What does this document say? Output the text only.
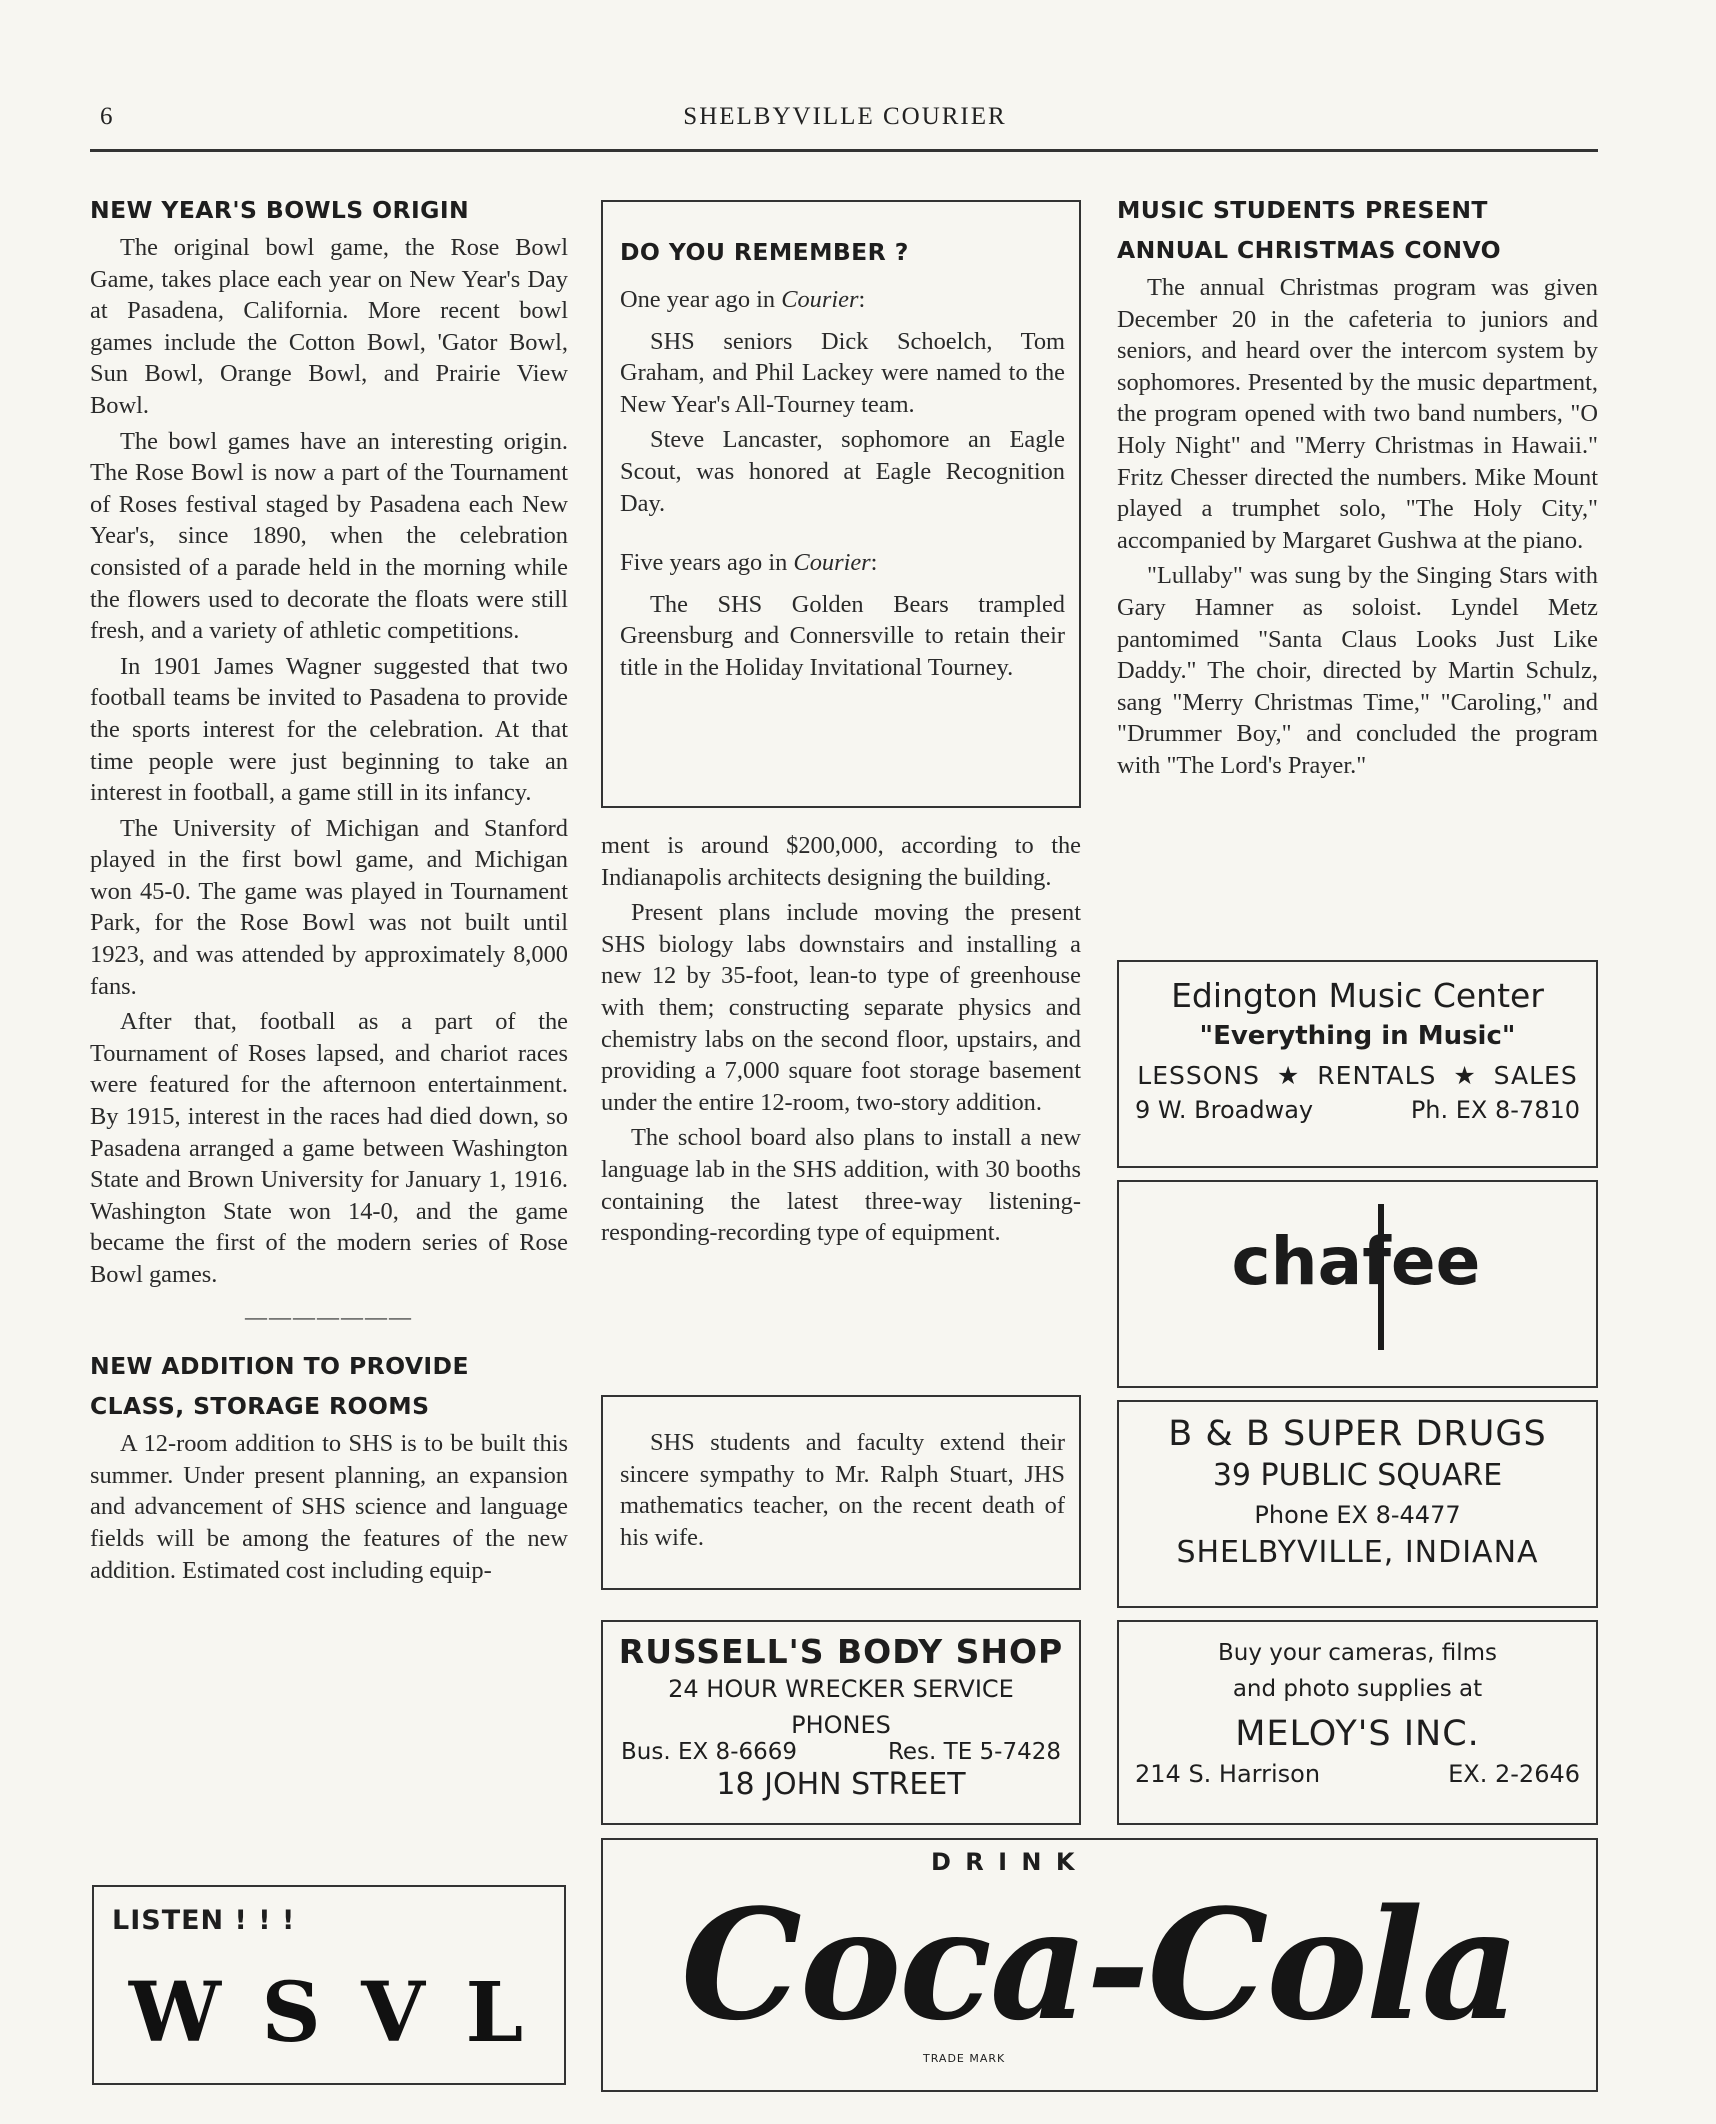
6	SHELBYVILLE COURIER
NEW YEAR'S BOWLS ORIGIN

The original bowl game, the Rose Bowl Game, takes place each year on New Year's Day at Pasadena, California. More recent bowl games include the Cotton Bowl, 'Gator Bowl, Sun Bowl, Orange Bowl, and Prairie View Bowl.

The bowl games have an interesting origin. The Rose Bowl is now a part of the Tournament of Roses festival staged by Pasadena each New Year's, since 1890, when the celebration consisted of a parade held in the morning while the flowers used to decorate the floats were still fresh, and a variety of athletic competitions.

In 1901 James Wagner suggested that two football teams be invited to Pasadena to provide the sports interest for the celebration. At that time people were just beginning to take an interest in football, a game still in its infancy.

The University of Michigan and Stanford played in the first bowl game, and Michigan won 45-0. The game was played in Tournament Park, for the Rose Bowl was not built until 1923, and was attended by approximately 8,000 fans.

After that, football as a part of the Tournament of Roses lapsed, and chariot races were featured for the afternoon entertainment. By 1915, interest in the races had died down, so Pasadena arranged a game between Washington State and Brown University for January 1, 1916. Washington State won 14-0, and the game became the first of the modern series of Rose Bowl games.

———————
NEW ADDITION TO PROVIDE
CLASS, STORAGE ROOMS

A 12-room addition to SHS is to be built this summer. Under present planning, an expansion and advancement of SHS science and language fields will be among the features of the new addition. Estimated cost including equip-

LISTEN ! ! !
W S V L
DO YOU REMEMBER ?
One year ago in Courier:

SHS seniors Dick Schoelch, Tom Graham, and Phil Lackey were named to the New Year's All-Tourney team.

Steve Lancaster, sophomore an Eagle Scout, was honored at Eagle Recognition Day.

Five years ago in Courier:

The SHS Golden Bears trampled Greensburg and Connersville to retain their title in the Holiday Invitational Tourney.

ment is around $200,000, according to the Indianapolis architects designing the building.

Present plans include moving the present SHS biology labs downstairs and installing a new 12 by 35-foot, lean-to type of greenhouse with them; constructing separate physics and chemistry labs on the second floor, upstairs, and providing a 7,000 square foot storage basement under the entire 12-room, two-story addition.

The school board also plans to install a new language lab in the SHS addition, with 30 booths containing the latest three-way listening-responding-recording type of equipment.

SHS students and faculty extend their sincere sympathy to Mr. Ralph Stuart, JHS mathematics teacher, on the recent death of his wife.

RUSSELL'S BODY SHOP
24 HOUR WRECKER SERVICE
PHONES
Bus. EX 8-6669	Res. TE 5-7428
18 JOHN STREET
MUSIC STUDENTS PRESENT
ANNUAL CHRISTMAS CONVO

The annual Christmas program was given December 20 in the cafeteria to juniors and seniors, and heard over the intercom system by sophomores. Presented by the music department, the program opened with two band numbers, "O Holy Night" and "Merry Christmas in Hawaii." Fritz Chesser directed the numbers. Mike Mount played a trumphet solo, "The Holy City," accompanied by Margaret Gushwa at the piano.

"Lullaby" was sung by the Singing Stars with Gary Hamner as soloist. Lyndel Metz pantomimed "Santa Claus Looks Just Like Daddy." The choir, directed by Martin Schulz, sang "Merry Christmas Time," "Caroling," and "Drummer Boy," and concluded the program with "The Lord's Prayer."

Edington Music Center
"Everything in Music"
LESSONS ★ RENTALS ★ SALES
9 W. Broadway	Ph. EX 8-7810
chafee
B & B SUPER DRUGS
39 PUBLIC SQUARE
Phone EX 8-4477
SHELBYVILLE, INDIANA
Buy your cameras, films
and photo supplies at
MELOY'S INC.
214 S. Harrison	EX. 2-2646
D R I N K
Coca-Cola
TRADE MARK
